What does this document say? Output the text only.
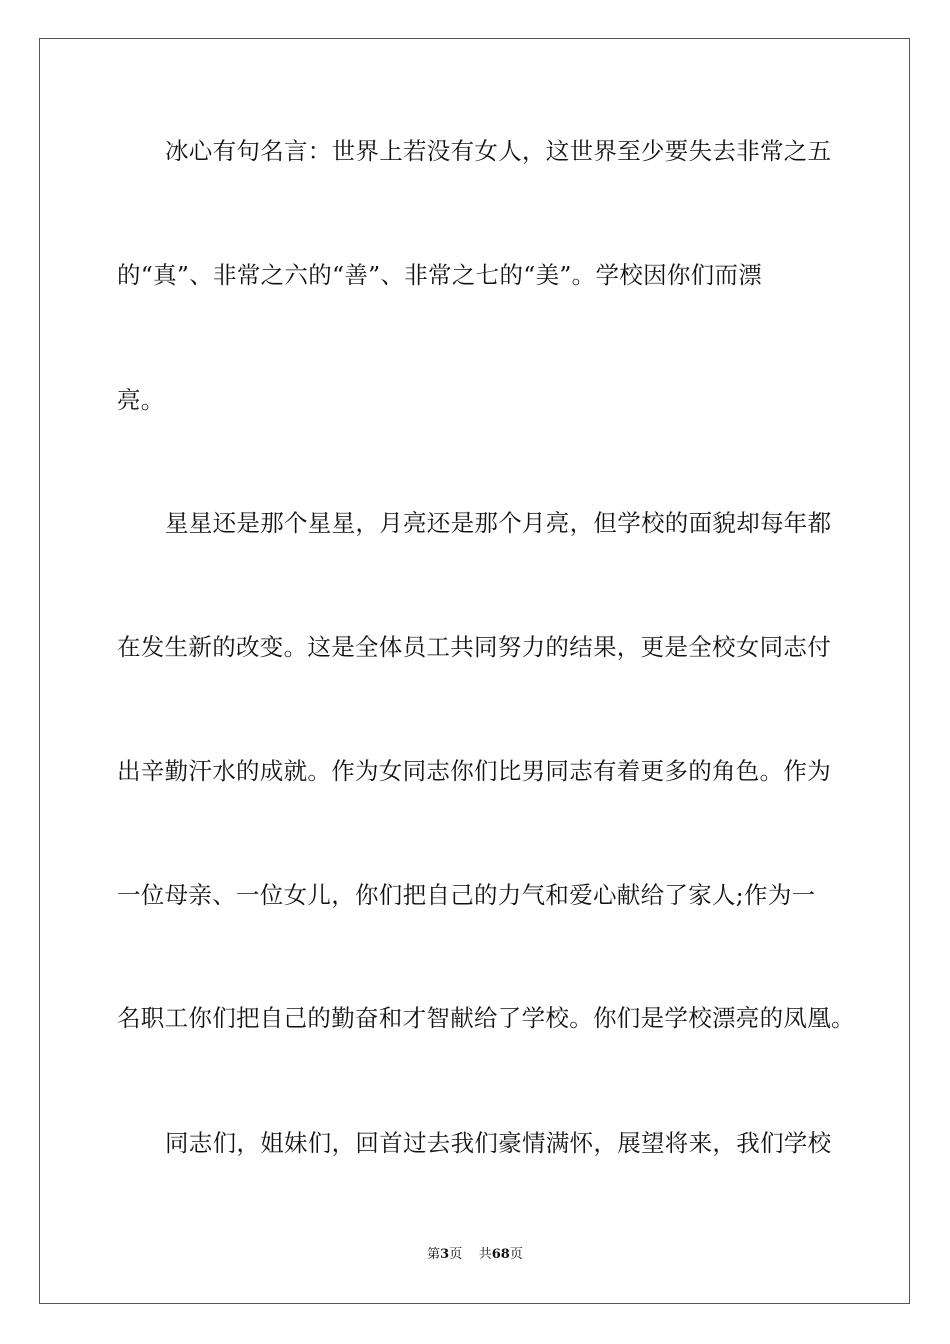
冰心有句名言：世界上若没有女人，这世界至少要失去非常之五
的“真”、非常之六的“善”、非常之七的“美”。学校因你们而漂
亮。
星星还是那个星星，月亮还是那个月亮，但学校的面貌却每年都
在发生新的改变。这是全体员工共同努力的结果，更是全校女同志付
出辛勤汗水的成就。作为女同志你们比男同志有着更多的角色。作为
一位母亲、一位女儿，你们把自己的力气和爱心献给了家人;作为一
名职工你们把自己的勤奋和才智献给了学校。你们是学校漂亮的凤凰。
同志们，姐妹们，回首过去我们豪情满怀，展望将来，我们学校
第3页 共68页
